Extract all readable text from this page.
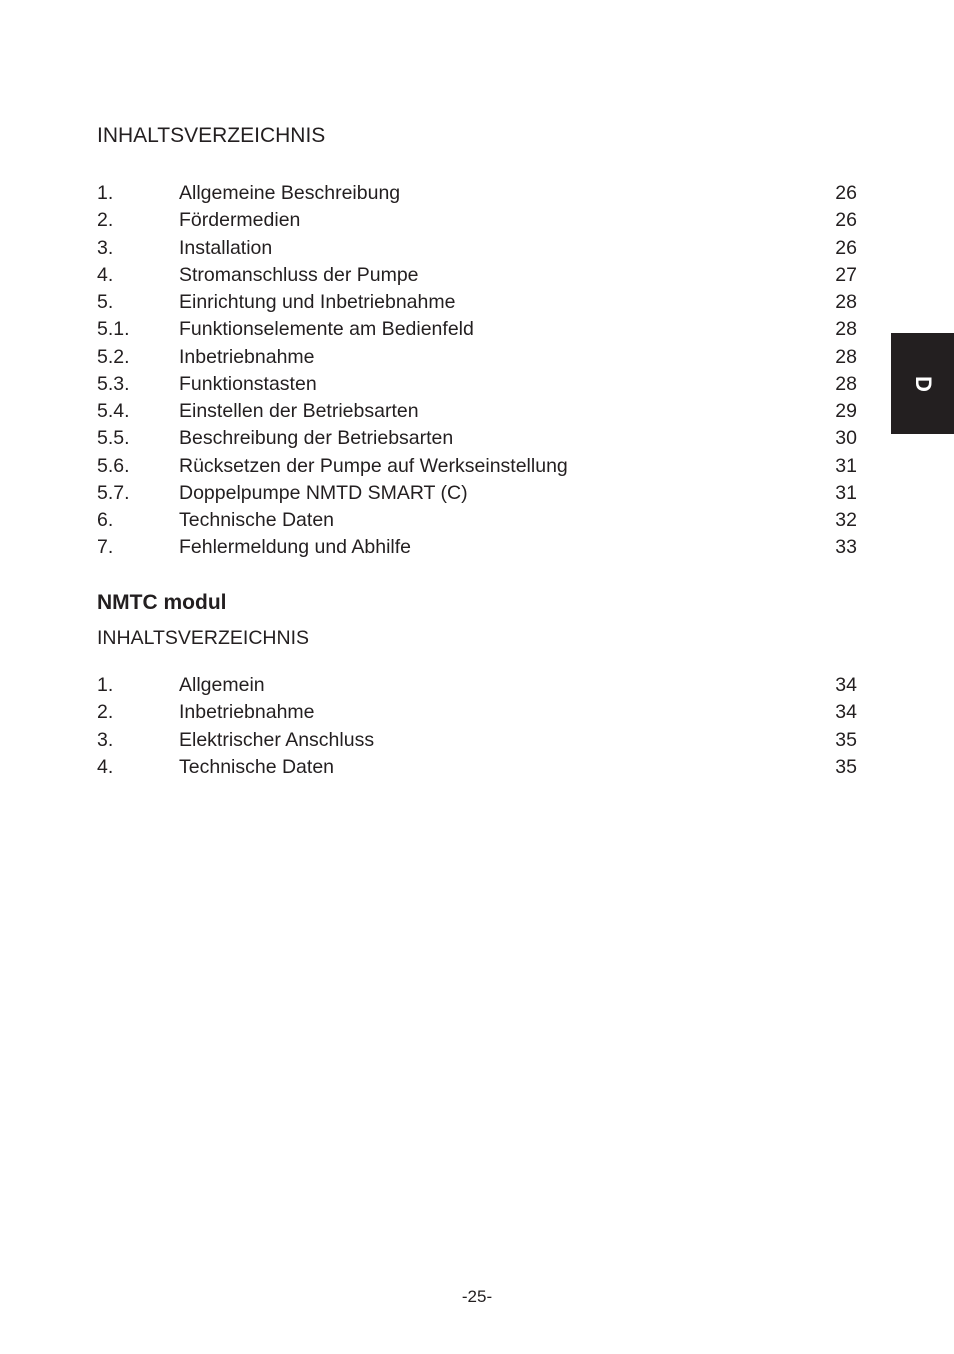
INHALTSVERZEICHNIS
1.	Allgemeine Beschreibung	26
2.	Fördermedien	26
3.	Installation	26
4.	Stromanschluss der Pumpe	27
5.	Einrichtung und Inbetriebnahme	28
5.1.	Funktionselemente am Bedienfeld	28
5.2.	Inbetriebnahme	28
5.3.	Funktionstasten	28
5.4.	Einstellen der Betriebsarten	29
5.5.	Beschreibung der Betriebsarten	30
5.6.	Rücksetzen der Pumpe auf Werkseinstellung	31
5.7.	Doppelpumpe NMTD SMART (C)	31
6.	Technische Daten	32
7.	Fehlermeldung und Abhilfe	33
NMTC modul
INHALTSVERZEICHNIS
1.	Allgemein	34
2.	Inbetriebnahme	34
3.	Elektrischer Anschluss	35
4.	Technische Daten	35
D
-25-
